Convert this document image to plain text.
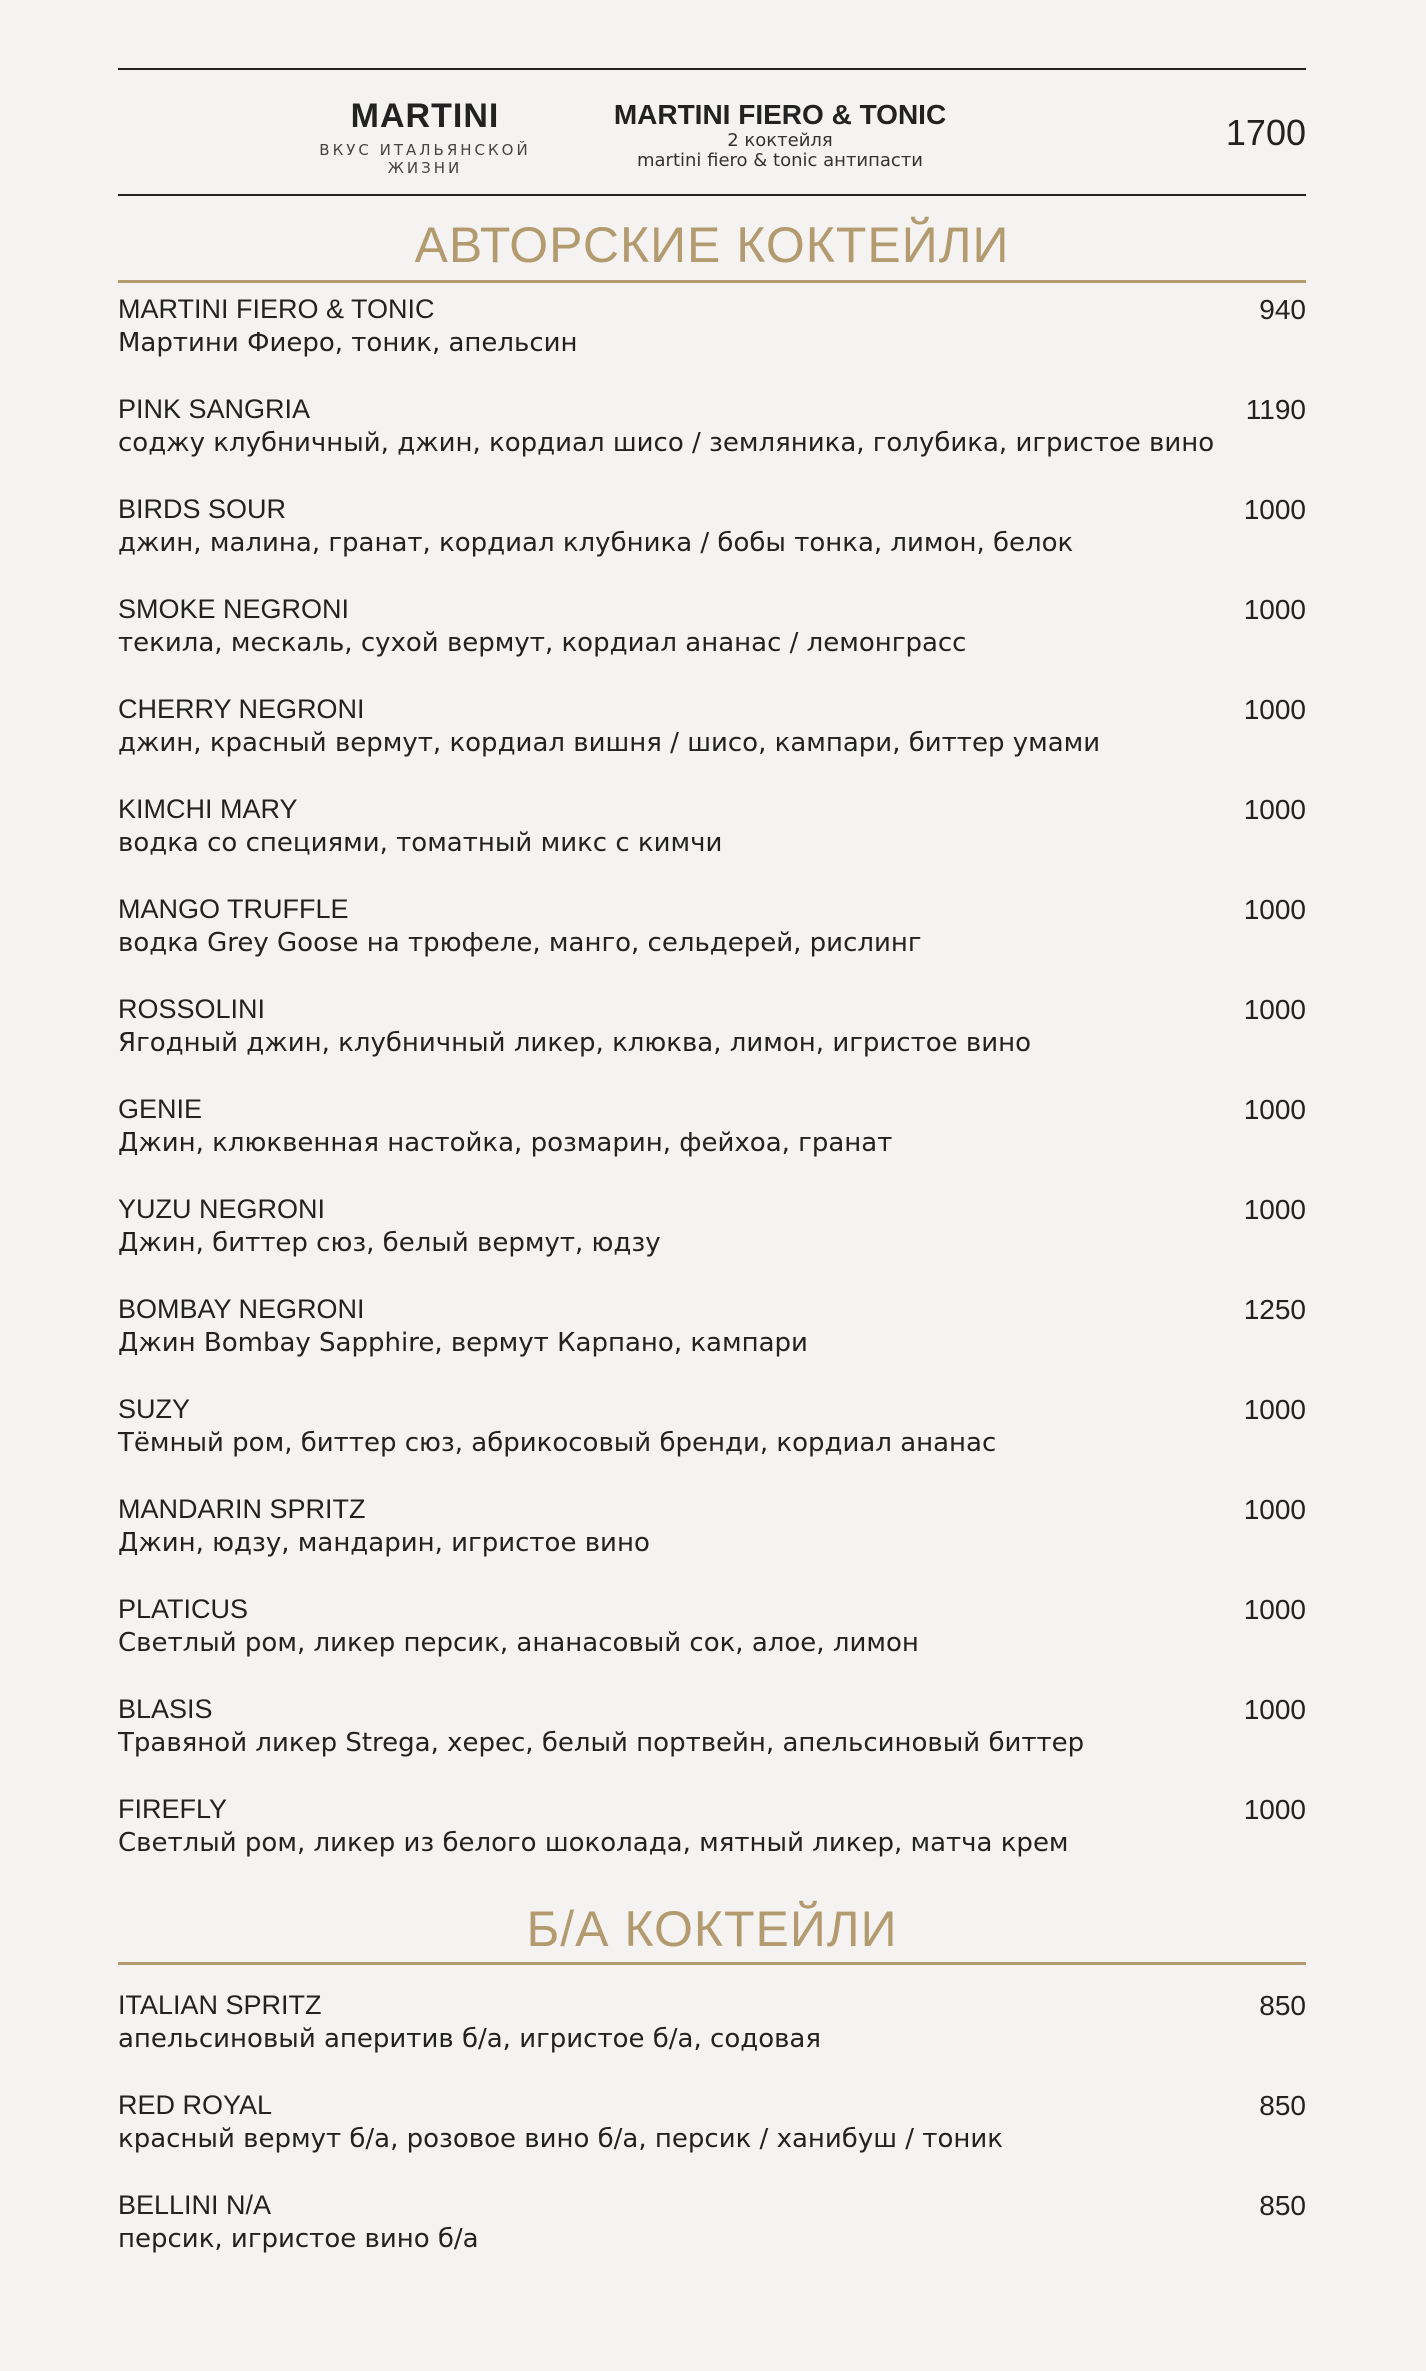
MARTINI
ВКУС ИТАЛЬЯНСКОЙ ЖИЗНИ
MARTINI FIERO & TONIC
2 коктейля
martini fiero & tonic антипасти
1700
АВТОРСКИЕ КОКТЕЙЛИ
MARTINI FIERO & TONIC
Мартини Фиеро, тоник, апельсин
940
PINK SANGRIA
соджу клубничный, джин, кордиал шисо / земляника, голубика, игристое вино
1190
BIRDS SOUR
джин, малина, гранат, кордиал клубника / бобы тонка, лимон, белок
1000
SMOKE NEGRONI
текила, мескаль, сухой вермут, кордиал ананас / лемонграсс
1000
CHERRY NEGRONI
джин, красный вермут, кордиал вишня / шисо, кампари, биттер умами
1000
KIMCHI MARY
водка со специями, томатный микс с кимчи
1000
MANGO TRUFFLE
водка Grey Goose на трюфеле, манго, сельдерей, рислинг
1000
ROSSOLINI
Ягодный джин, клубничный ликер, клюква, лимон, игристое вино
1000
GENIE
Джин, клюквенная настойка, розмарин, фейхоа, гранат
1000
YUZU NEGRONI
Джин, биттер сюз, белый вермут, юдзу
1000
BOMBAY NEGRONI
Джин Bombay Sapphire, вермут Карпано, кампари
1250
SUZY
Тёмный ром, биттер сюз, абрикосовый бренди, кордиал ананас
1000
MANDARIN SPRITZ
Джин, юдзу, мандарин, игристое вино
1000
PLATICUS
Светлый ром, ликер персик, ананасовый сок, алое, лимон
1000
BLASIS
Травяной ликер Strega, херес, белый портвейн, апельсиновый биттер
1000
FIREFLY
Светлый ром, ликер из белого шоколада, мятный ликер, матча крем
1000
Б/А КОКТЕЙЛИ
ITALIAN SPRITZ
апельсиновый аперитив б/а, игристое б/а, содовая
850
RED ROYAL
красный вермут б/а, розовое вино б/а, персик / ханибуш / тоник
850
BELLINI N/A
персик, игристое вино б/а
850
